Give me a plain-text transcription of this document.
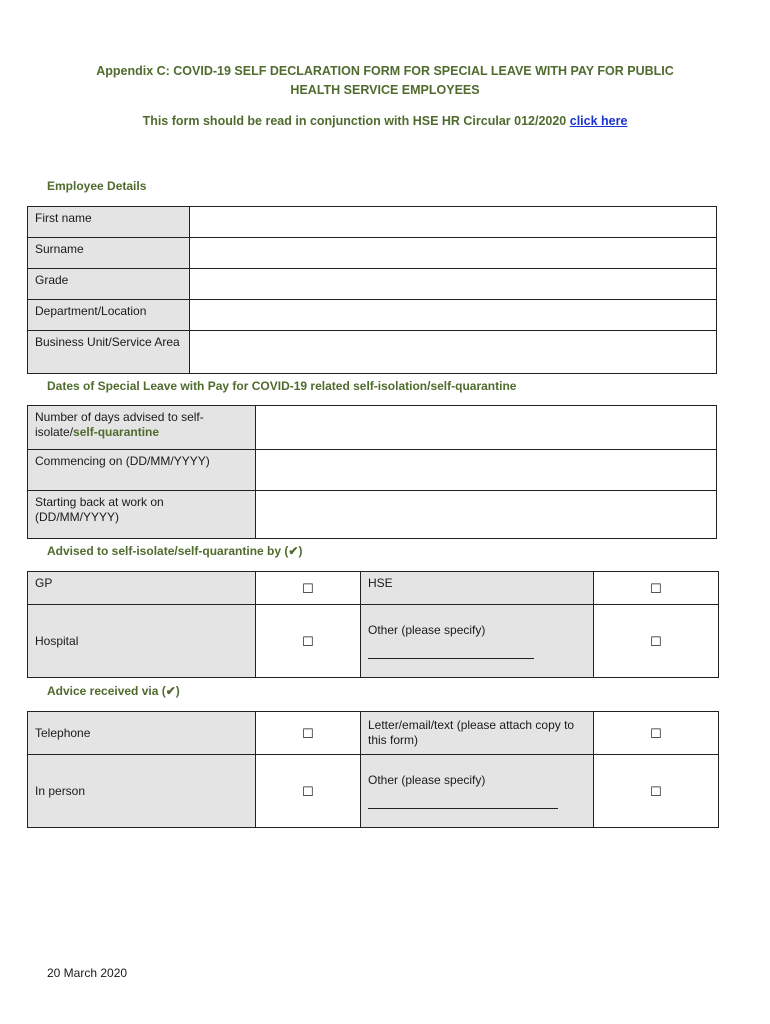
Appendix C: COVID-19 SELF DECLARATION FORM FOR SPECIAL LEAVE WITH PAY FOR PUBLIC
HEALTH SERVICE EMPLOYEES
This form should be read in conjunction with HSE HR Circular 012/2020 click here
Employee Details
First name	
Surname	
Grade	
Department/Location	
Business Unit/Service Area	
Dates of Special Leave with Pay for COVID-19 related self-isolation/self-quarantine
Number of days advised to self-isolate/self-quarantine	
Commencing on (DD/MM/YYYY)	
Starting back at work on (DD/MM/YYYY)	
Advised to self-isolate/self-quarantine by (✔)
GP	☐	HSE	☐
Hospital	☐	Other (please specify)	☐
Advice received via (✔)
Telephone	☐	Letter/email/text (please attach copy to this form)	☐
In person	☐	Other (please specify)	☐
20 March 2020
